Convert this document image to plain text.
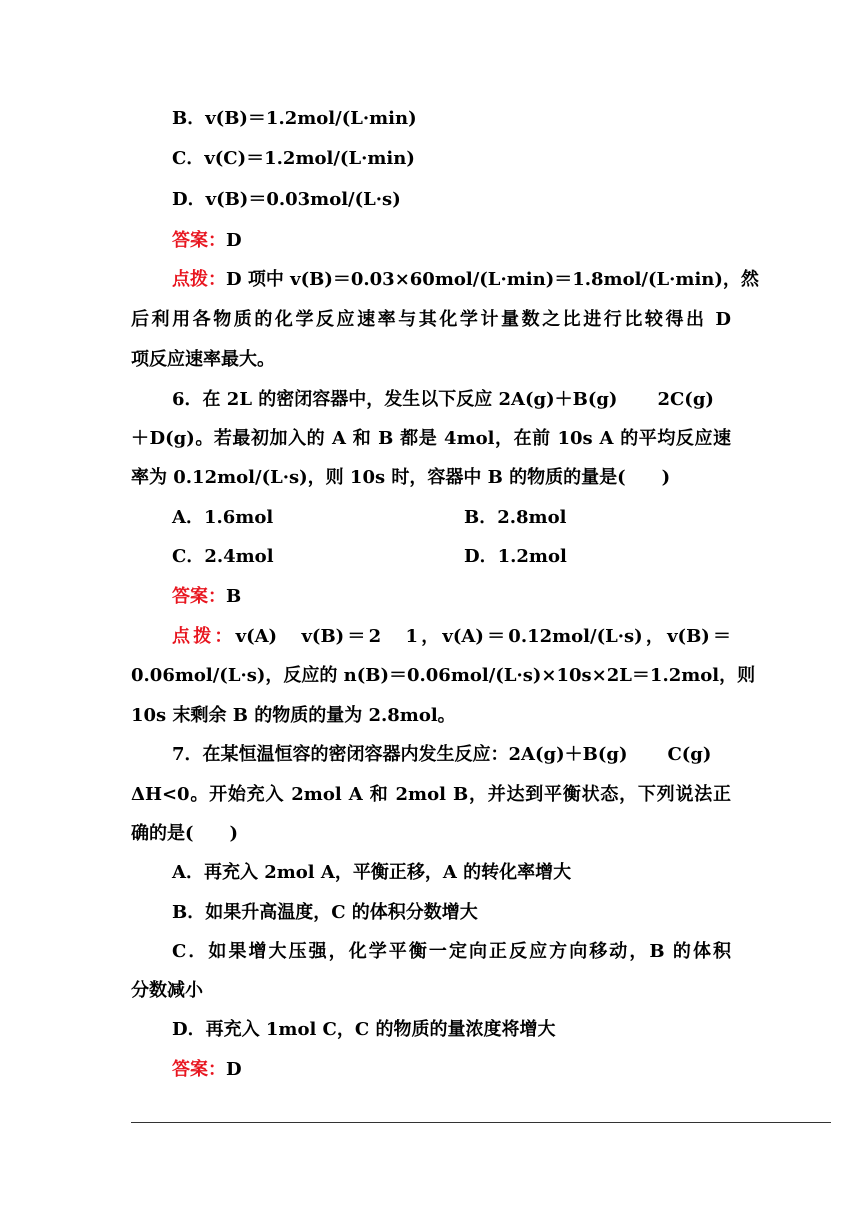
B．v(B)＝1.2mol/(L·min)
C．v(C)＝1.2mol/(L·min)
D．v(B)＝0.03mol/(L·s)
答案：D
点拨：D 项中 v(B)＝0.03×60mol/(L·min)＝1.8mol/(L·min)，然
后利用各物质的化学反应速率与其化学计量数之比进行比较得出 D
项反应速率最大。
6．在 2L 的密闭容器中，发生以下反应 2A(g)＋B(g) 2C(g)
＋D(g)。若最初加入的 A 和 B 都是 4mol，在前 10s A 的平均反应速
率为 0.12mol/(L·s)，则 10s 时，容器中 B 的物质的量是(　　)
A．1.6mol	B．2.8mol
C．2.4mol	D．1.2mol
答案：B
点拨：v(A)　v(B)＝2　1，v(A)＝0.12mol/(L·s)，v(B)＝
0.06mol/(L·s)，反应的 n(B)＝0.06mol/(L·s)×10s×2L＝1.2mol，则
10s 末剩余 B 的物质的量为 2.8mol。
7．在某恒温恒容的密闭容器内发生反应：2A(g)＋B(g) C(g)
ΔH<0。开始充入 2mol A 和 2mol B，并达到平衡状态，下列说法正
确的是(　　)
A．再充入 2mol A，平衡正移，A 的转化率增大
B．如果升高温度，C 的体积分数增大
C．如果增大压强，化学平衡一定向正反应方向移动，B 的体积
分数减小
D．再充入 1mol C，C 的物质的量浓度将增大
答案：D
